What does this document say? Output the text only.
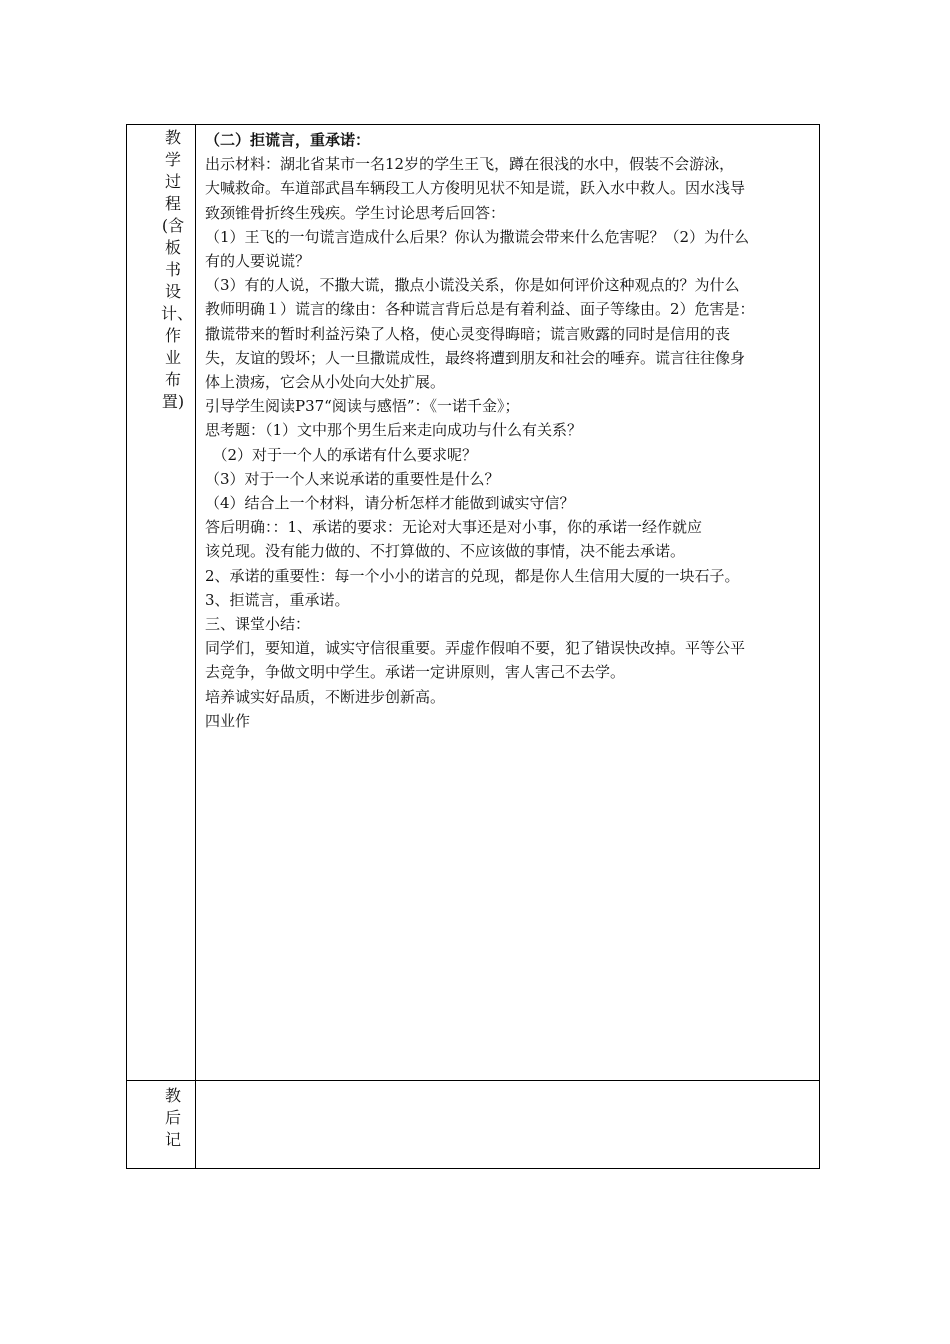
教学过程(含板书设计、作业布置)
教后记
（二）拒谎言，重承诺：
出示材料：湖北省某市一名12岁的学生王飞，蹲在很浅的水中，假装不会游泳，
大喊救命。车道部武昌车辆段工人方俊明见状不知是谎，跃入水中救人。因水浅导
致颈锥骨折终生残疾。学生讨论思考后回答：
（1）王飞的一句谎言造成什么后果？你认为撒谎会带来什么危害呢？（2）为什么
有的人要说谎？
（3）有的人说，不撒大谎，撒点小谎没关系，你是如何评价这种观点的？为什么
教师明确１）谎言的缘由：各种谎言背后总是有着利益、面子等缘由。2）危害是：
撒谎带来的暂时利益污染了人格，使心灵变得晦暗；谎言败露的同时是信用的丧
失，友谊的毁坏；人一旦撒谎成性，最终将遭到朋友和社会的唾弃。谎言往往像身
体上溃疡，它会从小处向大处扩展。
引导学生阅读P37“阅读与感悟”：《一诺千金》；
思考题：（1）文中那个男生后来走向成功与什么有关系？
　（2）对于一个人的承诺有什么要求呢？
（3）对于一个人来说承诺的重要性是什么？
（4）结合上一个材料，请分析怎样才能做到诚实守信？
答后明确：：1、承诺的要求：无论对大事还是对小事，你的承诺一经作就应
该兑现。没有能力做的、不打算做的、不应该做的事情，决不能去承诺。
2、承诺的重要性：每一个小小的诺言的兑现，都是你人生信用大厦的一块石子。
3、拒谎言，重承诺。
三、课堂小结：
同学们，要知道，诚实守信很重要。弄虚作假咱不要，犯了错误快改掉。平等公平
去竞争，争做文明中学生。承诺一定讲原则，害人害己不去学。
培养诚实好品质，不断进步创新高。
四业作
